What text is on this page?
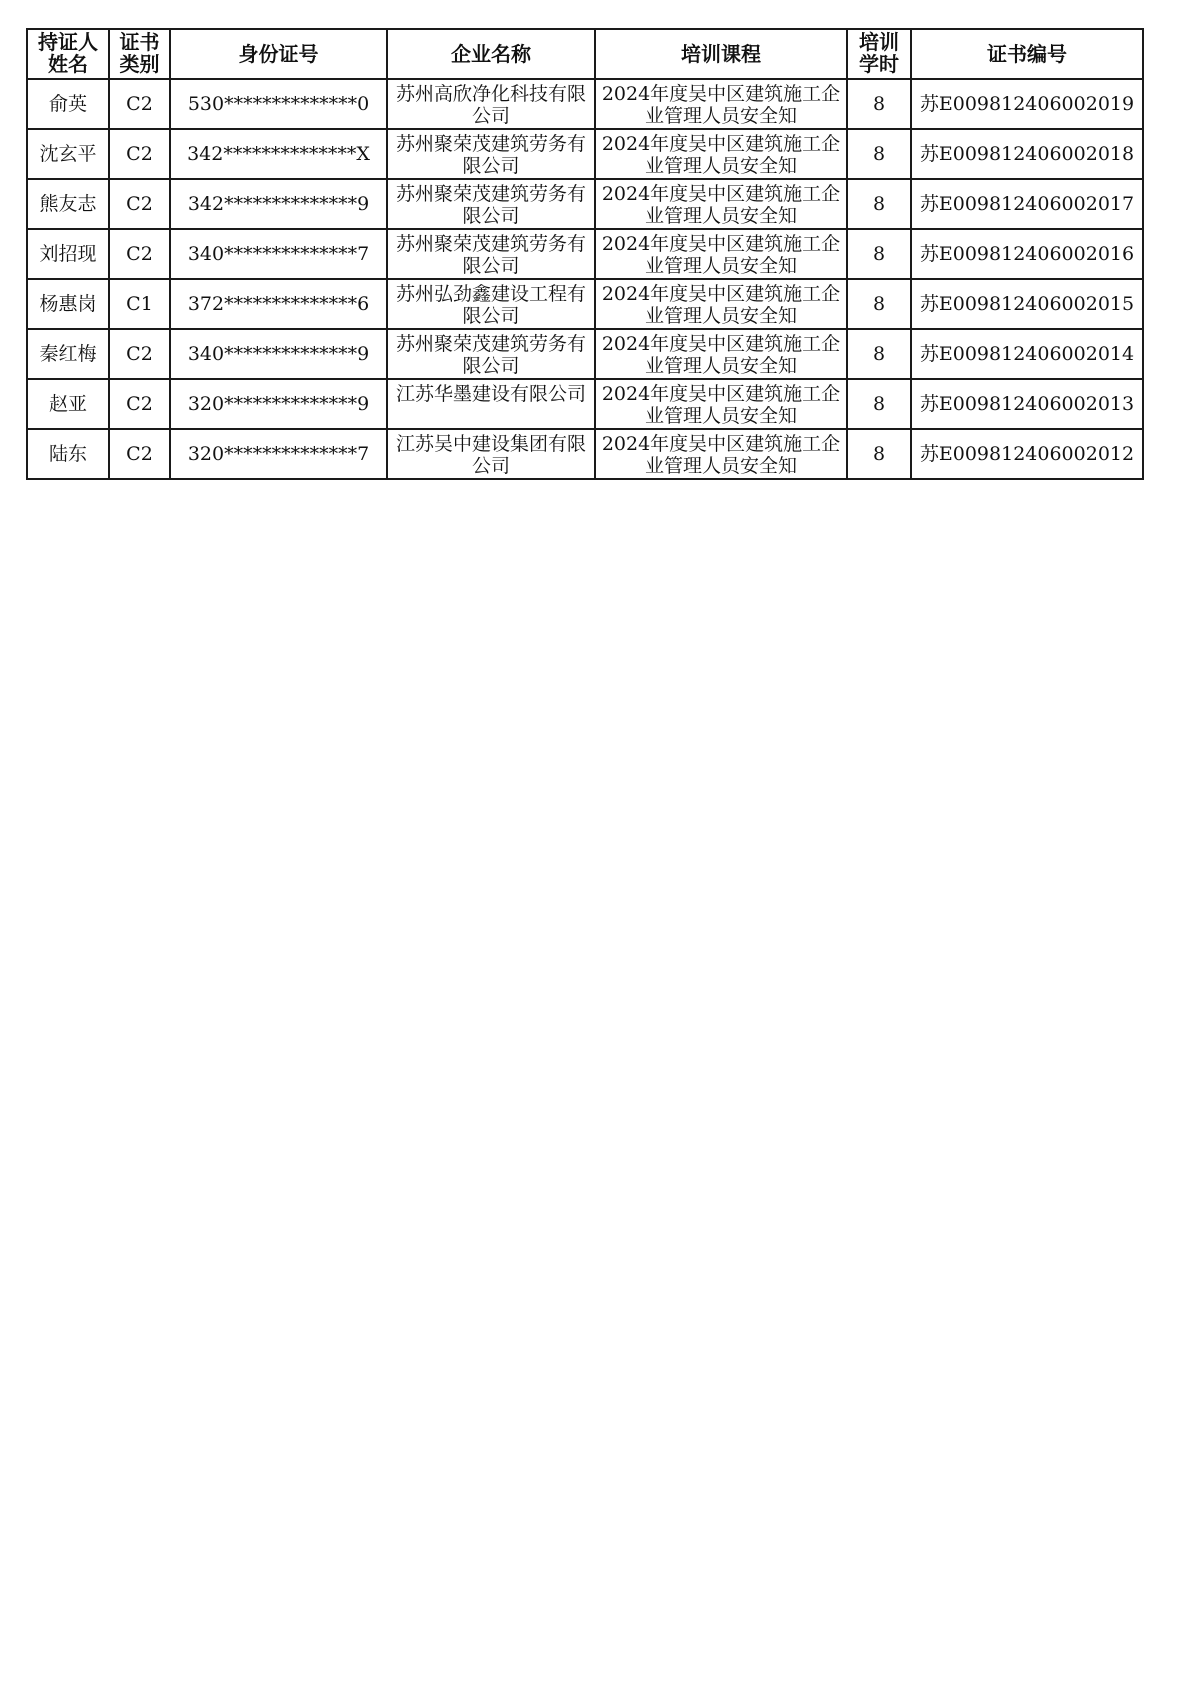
持证人姓名	证书类别	身份证号	企业名称	培训课程	培训学时	证书编号
俞英	C2	530**************0	苏州高欣净化科技有限公司	2024年度吴中区建筑施工企业管理人员安全知	8	苏E009812406002019
沈玄平	C2	342**************X	苏州聚荣茂建筑劳务有限公司	2024年度吴中区建筑施工企业管理人员安全知	8	苏E009812406002018
熊友志	C2	342**************9	苏州聚荣茂建筑劳务有限公司	2024年度吴中区建筑施工企业管理人员安全知	8	苏E009812406002017
刘招现	C2	340**************7	苏州聚荣茂建筑劳务有限公司	2024年度吴中区建筑施工企业管理人员安全知	8	苏E009812406002016
杨惠岗	C1	372**************6	苏州弘劲鑫建设工程有限公司	2024年度吴中区建筑施工企业管理人员安全知	8	苏E009812406002015
秦红梅	C2	340**************9	苏州聚荣茂建筑劳务有限公司	2024年度吴中区建筑施工企业管理人员安全知	8	苏E009812406002014
赵亚	C2	320**************9	江苏华墨建设有限公司	2024年度吴中区建筑施工企业管理人员安全知	8	苏E009812406002013
陆东	C2	320**************7	江苏吴中建设集团有限公司	2024年度吴中区建筑施工企业管理人员安全知	8	苏E009812406002012
